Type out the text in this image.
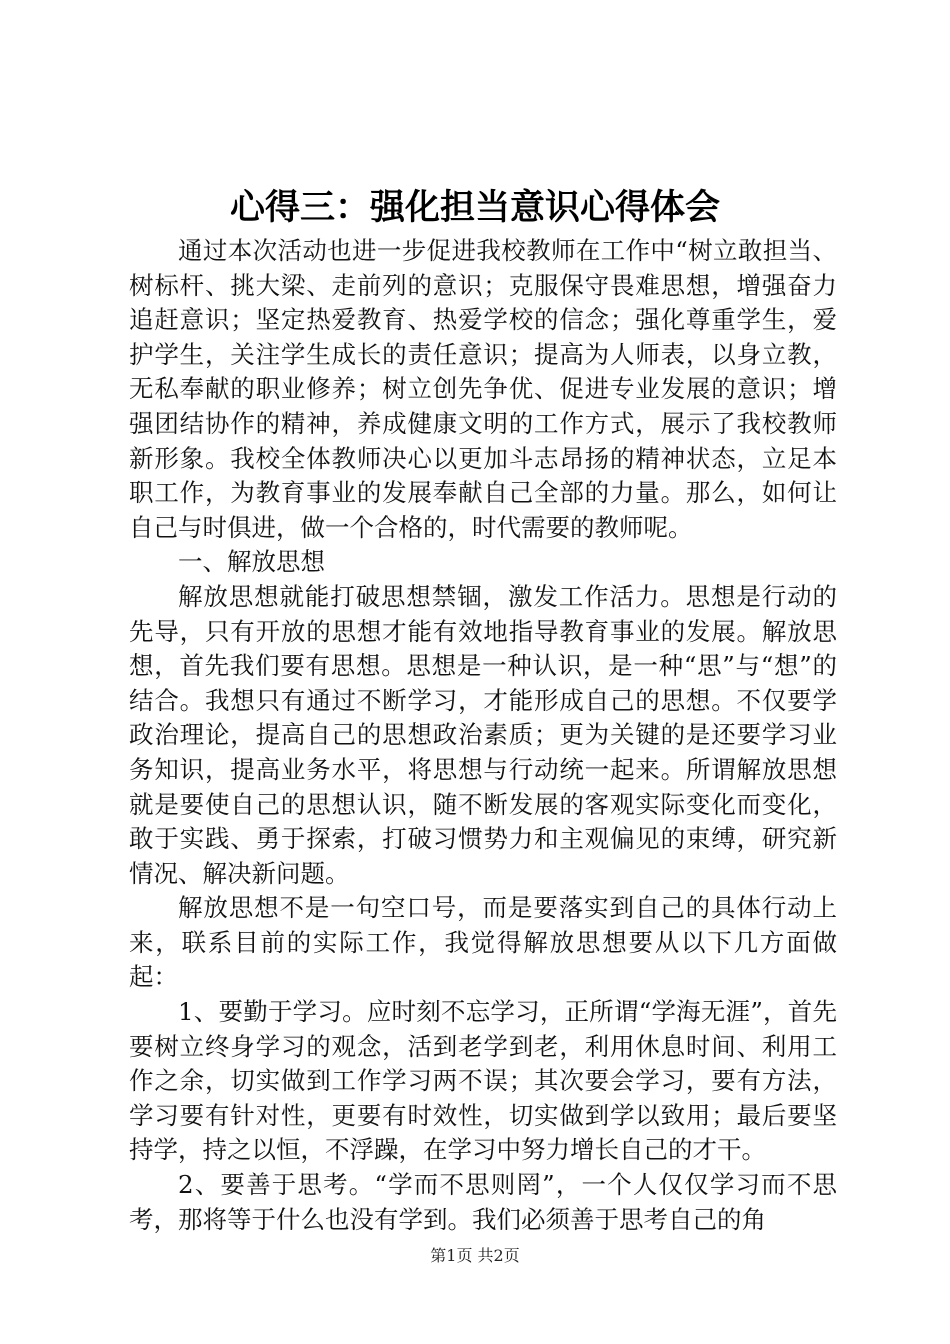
心得三：强化担当意识心得体会

通过本次活动也进一步促进我校教师在工作中“树立敢担当、树标杆、挑大梁、走前列的意识；克服保守畏难思想，增强奋力追赶意识；坚定热爱教育、热爱学校的信念；强化尊重学生，爱护学生，关注学生成长的责任意识；提高为人师表，以身立教，无私奉献的职业修养；树立创先争优、促进专业发展的意识；增强团结协作的精神，养成健康文明的工作方式，展示了我校教师新形象。我校全体教师决心以更加斗志昂扬的精神状态，立足本职工作，为教育事业的发展奉献自己全部的力量。那么，如何让自己与时俱进，做一个合格的，时代需要的教师呢。

一、解放思想

解放思想就能打破思想禁锢，激发工作活力。思想是行动的先导，只有开放的思想才能有效地指导教育事业的发展。解放思想，首先我们要有思想。思想是一种认识，是一种“思”与“想”的结合。我想只有通过不断学习，才能形成自己的思想。不仅要学政治理论，提高自己的思想政治素质；更为关键的是还要学习业务知识，提高业务水平，将思想与行动统一起来。所谓解放思想就是要使自己的思想认识，随不断发展的客观实际变化而变化，敢于实践、勇于探索，打破习惯势力和主观偏见的束缚，研究新情况、解决新问题。

解放思想不是一句空口号，而是要落实到自己的具体行动上来，联系目前的实际工作，我觉得解放思想要从以下几方面做起：

1、要勤于学习。应时刻不忘学习，正所谓“学海无涯”，首先要树立终身学习的观念，活到老学到老，利用休息时间、利用工作之余，切实做到工作学习两不误；其次要会学习，要有方法，学习要有针对性，更要有时效性，切实做到学以致用；最后要坚持学，持之以恒，不浮躁，在学习中努力增长自己的才干。

2、要善于思考。“学而不思则罔”，一个人仅仅学习而不思考，那将等于什么也没有学到。我们必须善于思考自己的角

第1页 共2页
